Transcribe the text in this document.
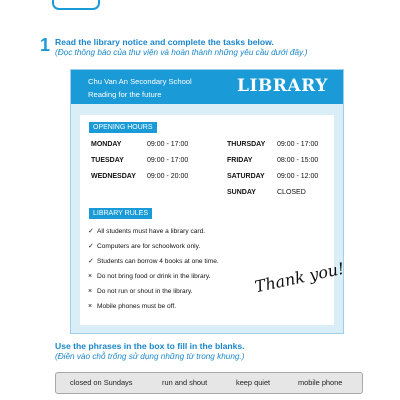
1 Read the library notice and complete the tasks below.
(Đọc thông báo của thư viện và hoàn thành những yêu cầu dưới đây.)
Chu Van An Secondary School
Reading for the future	LIBRARY
OPENING HOURS
MONDAY	09:00 - 17:00
TUESDAY	09:00 - 17:00
WEDNESDAY 09:00 - 20:00
THURSDAY 09:00 - 17:00
FRIDAY	08:00 - 15:00
SATURDAY 09:00 - 12:00
SUNDAY	CLOSED
LIBRARY RULES
✓ All students must have a library card.
✓ Computers are for schoolwork only.
✓ Students can borrow 4 books at one time.
× Do not bring food or drink in the library.
× Do not run or shout in the library.
× Mobile phones must be off.
Thank you!
Use the phrases in the box to fill in the blanks.
(Điền vào chỗ trống sử dụng những từ trong khung.)
closed on Sundays	run and shout	keep quiet	mobile phone
